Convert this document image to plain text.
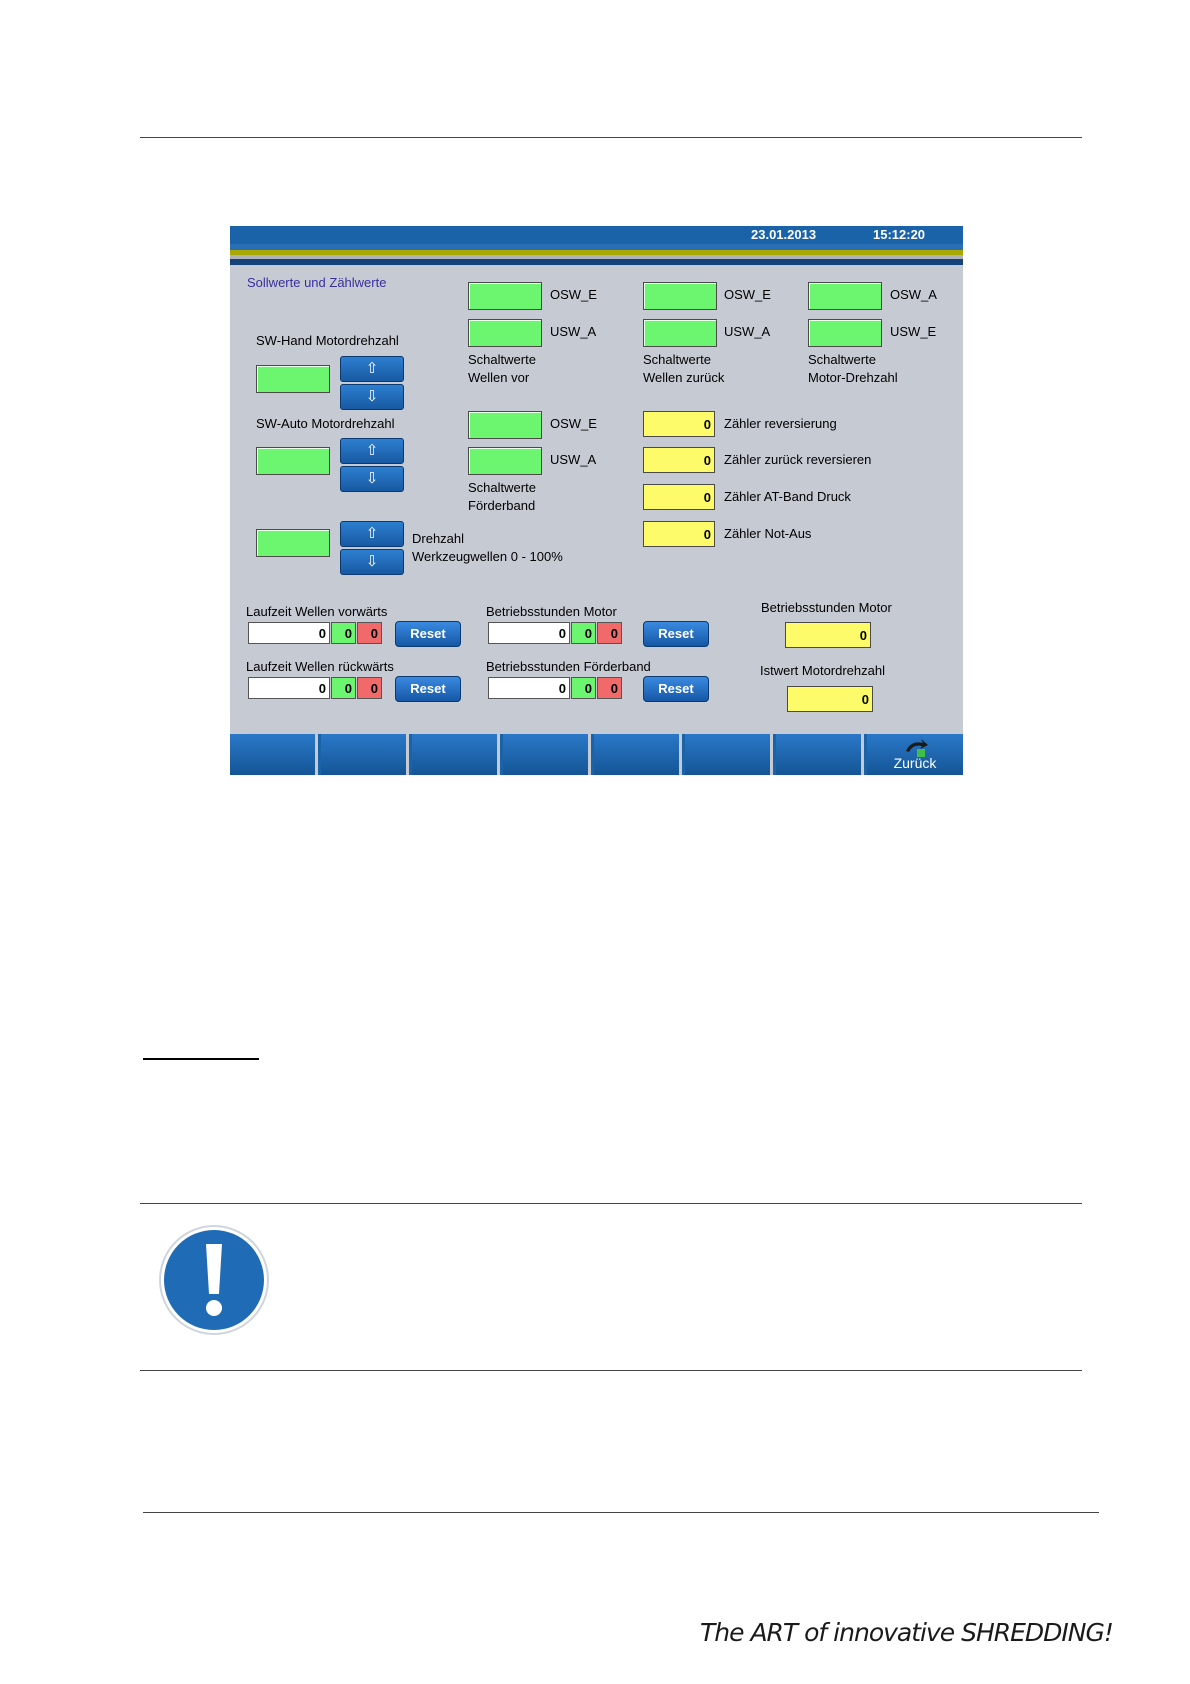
23.01.2013	15:12:20
Sollwerte und Zählwerte
SW-Hand Motordrehzahl
⇧
⇩
SW-Auto Motordrehzahl
⇧
⇩
⇧
⇩
Drehzahl
Werkzeugwellen 0 - 100%
OSW_E
USW_A
Schaltwerte
Wellen vor
OSW_E
USW_A
Schaltwerte
Wellen zurück
OSW_A
USW_E
Schaltwerte
Motor-Drehzahl
OSW_E
USW_A
Schaltwerte
Förderband
0	Zähler reversierung
0	Zähler zurück reversieren
0	Zähler AT-Band Druck
0	Zähler Not-Aus
Laufzeit Wellen vorwärts
0	0	0	Reset
Laufzeit Wellen rückwärts
0	0	0	Reset
Betriebsstunden Motor
0	0	0	Reset
Betriebsstunden Förderband
0	0	0	Reset
Betriebsstunden Motor
0
Istwert Motordrehzahl
0
Zurück
The ART of innovative SHREDDING!
